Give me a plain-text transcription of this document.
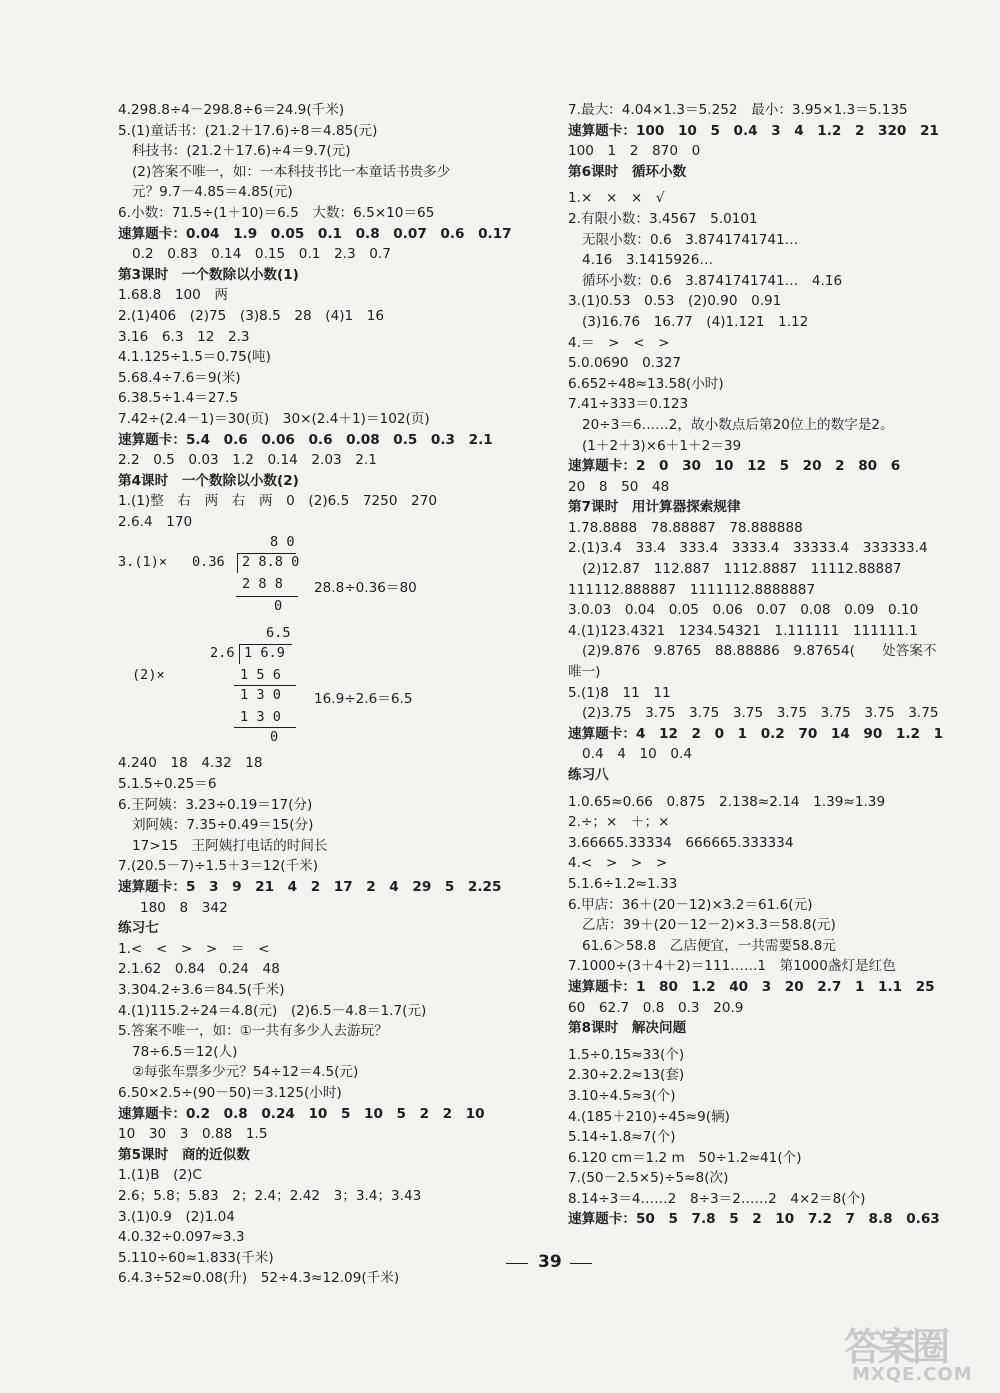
4.298.8÷4－298.8÷6＝24.9(千米)
5.(1)童话书：(21.2＋17.6)÷8＝4.85(元)
科技书：(21.2＋17.6)÷4＝9.7(元)
(2)答案不唯一，如：一本科技书比一本童话书贵多少
元？9.7－4.85＝4.85(元)
6.小数：71.5÷(1＋10)＝6.5　大数：6.5×10＝65
速算题卡：0.04　1.9　0.05　0.1　0.8　0.07　0.6　0.17
0.2　0.83　0.14　0.15　0.1　2.3　0.7
第3课时　一个数除以小数(1)
1.68.8　100　两
2.(1)406　(2)75　(3)8.5　28　(4)1　16
3.16　6.3　12　2.3
4.1.125÷1.5＝0.75(吨)
5.68.4÷7.6＝9(米)
6.38.5÷1.4＝27.5
7.42÷(2.4－1)＝30(页)　30×(2.4＋1)＝102(页)
速算题卡：5.4　0.6　0.06　0.6　0.08　0.5　0.3　2.1
2.2　0.5　0.03　1.2　0.14　2.03　2.1
第4课时　一个数除以小数(2)
1.(1)整　右　两　右　两　0　(2)6.5　7250　270
2.6.4　170
3.(1)×
8 0
0.36 2 8.8 0
2 8 8
0
28.8÷0.36＝80
(2)×
6.5
2.6 1 6.9
1 5 6
1 3 0
1 3 0
0
16.9÷2.6＝6.5
4.240　18　4.32　18
5.1.5÷0.25＝6
6.王阿姨：3.23÷0.19＝17(分)
刘阿姨：7.35÷0.49＝15(分)
17>15　王阿姨打电话的时间长
7.(20.5－7)÷1.5＋3＝12(千米)
速算题卡：5　3　9　21　4　2　17　2　4　29　5　2.25
180　8　342
练习七
1.<　<　>　>　＝　<
2.1.62　0.84　0.24　48
3.304.2÷3.6＝84.5(千米)
4.(1)115.2÷24＝4.8(元)　(2)6.5－4.8＝1.7(元)
5.答案不唯一，如：①一共有多少人去游玩？
78÷6.5＝12(人)
②每张车票多少元？54÷12＝4.5(元)
6.50×2.5÷(90－50)＝3.125(小时)
速算题卡：0.2　0.8　0.24　10　5　10　5　2　2　10
10　30　3　0.88　1.5
第5课时　商的近似数
1.(1)B　(2)C
2.6；5.8；5.83　2；2.4；2.42　3；3.4；3.43
3.(1)0.9　(2)1.04
4.0.32÷0.097≈3.3
5.110÷60≈1.833(千米)
6.4.3÷52≈0.08(升)　52÷4.3≈12.09(千米)
7.最大：4.04×1.3＝5.252　最小：3.95×1.3＝5.135
速算题卡：100　10　5　0.4　3　4　1.2　2　320　21
100　1　2　870　0
第6课时　循环小数
1.×　×　×　√
2.有限小数：3.4567　5.0101
无限小数：0.6̇　3.8741741741…
4.1̇6̇　3.1415926…
循环小数：0.6̇　3.8741741741…　4.1̇6̇
3.(1)0.53̇　0.53　(2)0.9̇0̇　0.91
(3)16.76̇　16.77　(4)1.1̇21̇　1.12
4.＝　>　<　>
5.0.069̇0̇　0.32̇7̇
6.652÷48≈13.58(小时)
7.41÷333＝0.1̇23̇
20÷3＝6……2，故小数点后第20位上的数字是2。
(1＋2＋3)×6＋1＋2＝39
速算题卡：2　0　30　10　12　5　20　2　80　6
20　8　50　48
第7课时　用计算器探索规律
1.78.8888　78.88887　78.888888
2.(1)3.4　33.4　333.4　3333.4　33333.4　333333.4
(2)12.87　112.887　1112.8887　11112.88887
111112.888887　1111112.8888887
3.0.03　0.04　0.05　0.06　0.07　0.08　0.09　0.10
4.(1)123.4321　1234.54321　1.111111　111111.1
(2)9.876　9.8765　88.88886　9.87654(　　处答案不
唯一)
5.(1)8　11　11
(2)3.75　3.75　3.75　3.75　3.75　3.75　3.75　3.75
速算题卡：4　12　2　0　1　0.2　70　14　90　1.2　1
0.4　4　10　0.4
练习八
1.0.65≈0.66　0.875　2.138≈2.14　1.39≈1.39
2.÷；×　＋；×
3.66665.33334　666665.333334
4.<　>　>　>
5.1.6÷1.2≈1.33
6.甲店：36＋(20－12)×3.2＝61.6(元)
乙店：39＋(20－12－2)×3.3＝58.8(元)
61.6＞58.8　乙店便宜，一共需要58.8元
7.1000÷(3＋4＋2)＝111……1　第1000盏灯是红色
速算题卡：1　80　1.2　40　3　20　2.7　1　1.1　25
60　62.7　0.8　0.3　20.9
第8课时　解决问题
1.5÷0.15≈33(个)
2.30÷2.2≈13(套)
3.10÷4.5≈3(个)
4.(185＋210)÷45≈9(辆)
5.14÷1.8≈7(个)
6.120 cm＝1.2 m　50÷1.2≈41(个)
7.(50－2.5×5)÷5≈8(次)
8.14÷3＝4……2　8÷3＝2……2　4×2＝8(个)
速算题卡：50　5　7.8　5　2　10　7.2　7　8.8　0.63
39
答案圈
MXQE.COM
